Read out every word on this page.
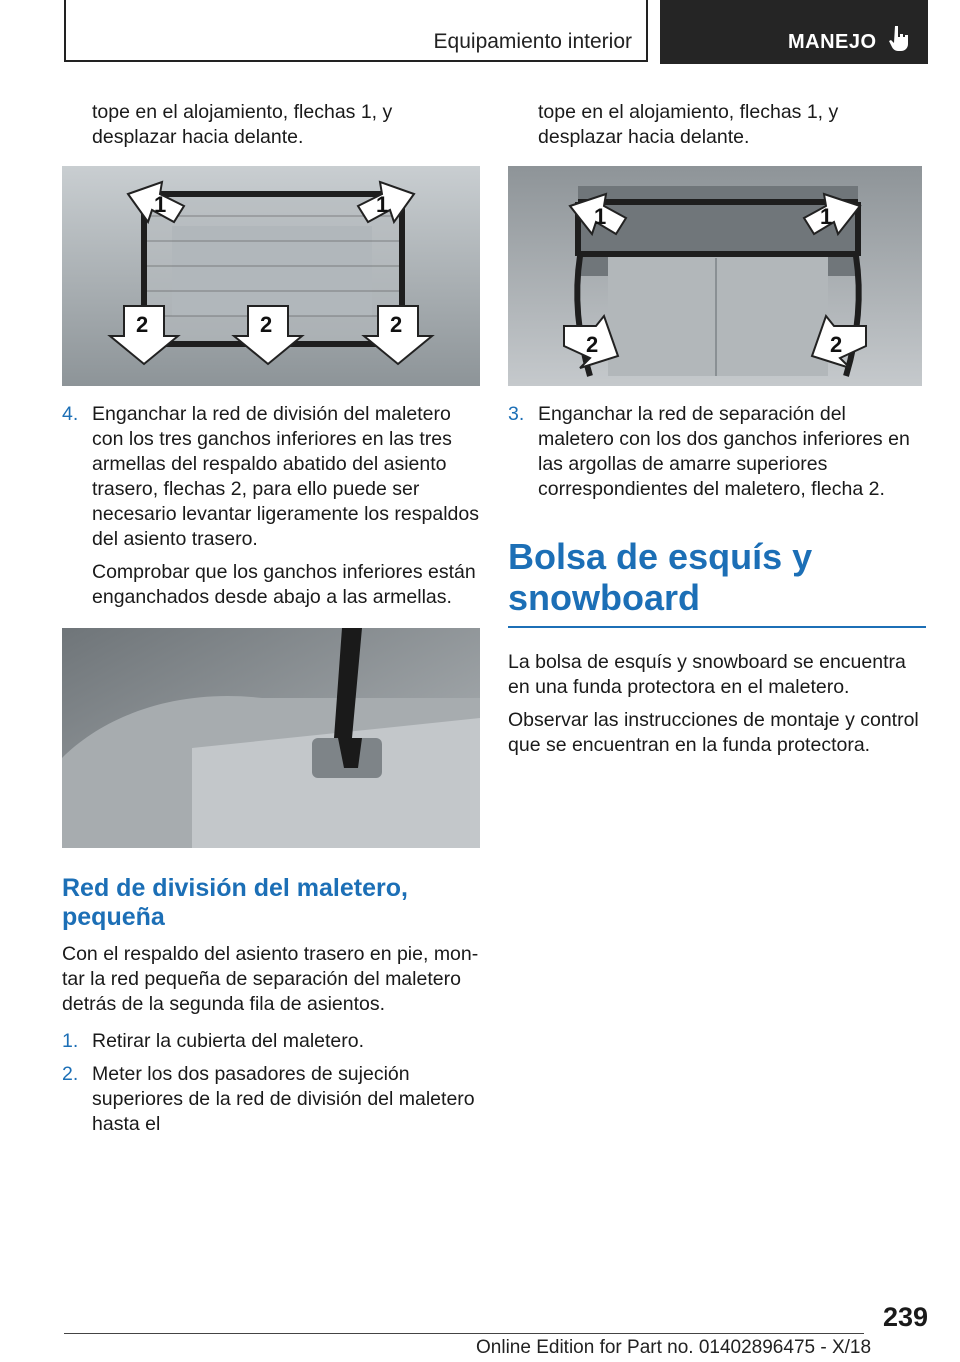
Equipamiento interior	MANEJO

tope en el alojamiento, flechas 1, y desplazar hacia delante.

1	1
2	2	2
4. Enganchar la red de división del maletero con los tres ganchos inferiores en las tres armellas del respaldo abatido del asiento trasero, flechas 2, para ello puede ser necesario levantar ligeramente los respaldos del asiento trasero.

Comprobar que los ganchos inferiores están enganchados desde abajo a las armellas.

Red de división del maletero, pequeña

Con el respaldo del asiento trasero en pie, montar la red pequeña de separación del maletero detrás de la segunda fila de asientos.

1. Retirar la cubierta del maletero.
2. Meter los dos pasadores de sujeción superiores de la red de división del maletero hasta el

tope en el alojamiento, flechas 1, y desplazar hacia delante.

1	1
2	2
3. Enganchar la red de separación del maletero con los dos ganchos inferiores en las argollas de amarre superiores correspondientes del maletero, flecha 2.
Bolsa de esquís y snowboard

La bolsa de esquís y snowboard se encuentra en una funda protectora en el maletero.

Observar las instrucciones de montaje y control que se encuentran en la funda protectora.

239
Online Edition for Part no. 01402896475 - X/18
